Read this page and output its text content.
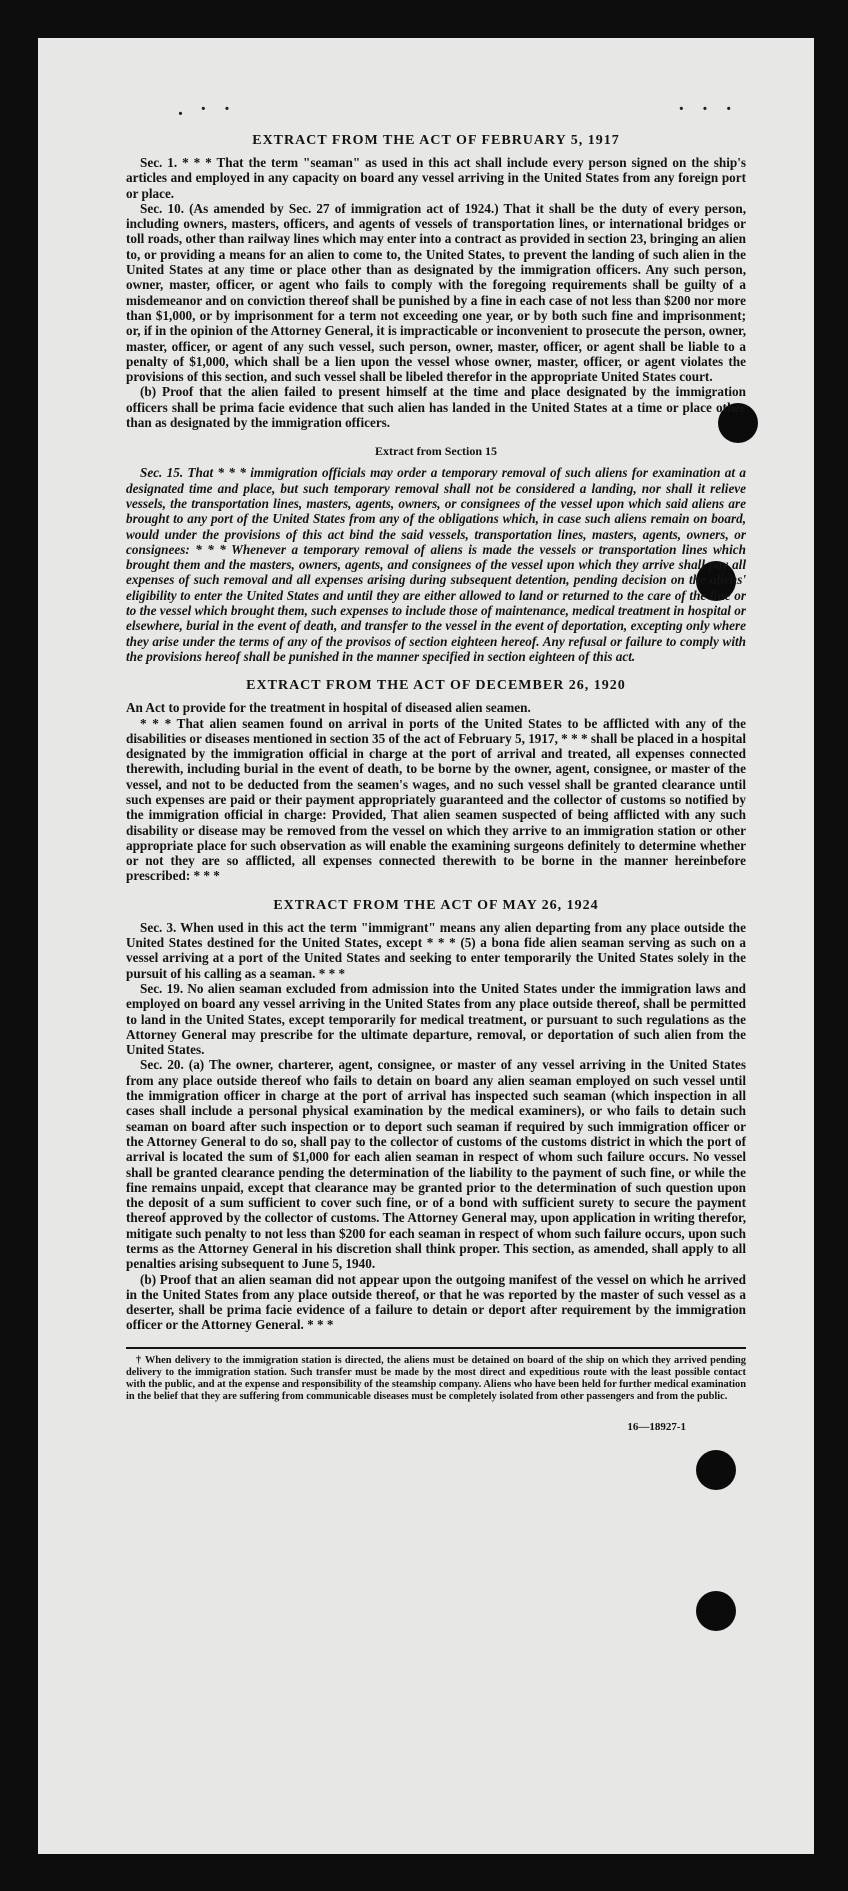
. · ·	· · ·
EXTRACT FROM THE ACT OF FEBRUARY 5, 1917

Sec. 1. * * * That the term "seaman" as used in this act shall include every person signed on the ship's articles and employed in any capacity on board any vessel arriving in the United States from any foreign port or place.

Sec. 10. (As amended by Sec. 27 of immigration act of 1924.) That it shall be the duty of every person, including owners, masters, officers, and agents of vessels of transportation lines, or international bridges or toll roads, other than railway lines which may enter into a contract as provided in section 23, bringing an alien to, or providing a means for an alien to come to, the United States, to prevent the landing of such alien in the United States at any time or place other than as designated by the immigration officers. Any such person, owner, master, officer, or agent who fails to comply with the foregoing requirements shall be guilty of a misdemeanor and on conviction thereof shall be punished by a fine in each case of not less than $200 nor more than $1,000, or by imprisonment for a term not exceeding one year, or by both such fine and imprisonment; or, if in the opinion of the Attorney General, it is impracticable or inconvenient to prosecute the person, owner, master, officer, or agent of any such vessel, such person, owner, master, officer, or agent shall be liable to a penalty of $1,000, which shall be a lien upon the vessel whose owner, master, officer, or agent violates the provisions of this section, and such vessel shall be libeled therefor in the appropriate United States court.

(b) Proof that the alien failed to present himself at the time and place designated by the immigration officers shall be prima facie evidence that such alien has landed in the United States at a time or place other than as designated by the immigration officers.

Extract from Section 15

Sec. 15. That * * * immigration officials may order a temporary removal of such aliens for examination at a designated time and place, but such temporary removal shall not be considered a landing, nor shall it relieve vessels, the transportation lines, masters, agents, owners, or consignees of the vessel upon which said aliens are brought to any port of the United States from any of the obligations which, in case such aliens remain on board, would under the provisions of this act bind the said vessels, transportation lines, masters, agents, owners, or consignees: * * * Whenever a temporary removal of aliens is made the vessels or transportation lines which brought them and the masters, owners, agents, and consignees of the vessel upon which they arrive shall pay all expenses of such removal and all expenses arising during subsequent detention, pending decision on the aliens' eligibility to enter the United States and until they are either allowed to land or returned to the care of the line or to the vessel which brought them, such expenses to include those of maintenance, medical treatment in hospital or elsewhere, burial in the event of death, and transfer to the vessel in the event of deportation, excepting only where they arise under the terms of any of the provisos of section eighteen hereof. Any refusal or failure to comply with the provisions hereof shall be punished in the manner specified in section eighteen of this act.

EXTRACT FROM THE ACT OF DECEMBER 26, 1920

An Act to provide for the treatment in hospital of diseased alien seamen.

* * * That alien seamen found on arrival in ports of the United States to be afflicted with any of the disabilities or diseases mentioned in section 35 of the act of February 5, 1917, * * * shall be placed in a hospital designated by the immigration official in charge at the port of arrival and treated, all expenses connected therewith, including burial in the event of death, to be borne by the owner, agent, consignee, or master of the vessel, and not to be deducted from the seamen's wages, and no such vessel shall be granted clearance until such expenses are paid or their payment appropriately guaranteed and the collector of customs so notified by the immigration official in charge: Provided, That alien seamen suspected of being afflicted with any such disability or disease may be removed from the vessel on which they arrive to an immigration station or other appropriate place for such observation as will enable the examining surgeons definitely to determine whether or not they are so afflicted, all expenses connected therewith to be borne in the manner hereinbefore prescribed: * * *

EXTRACT FROM THE ACT OF MAY 26, 1924

Sec. 3. When used in this act the term "immigrant" means any alien departing from any place outside the United States destined for the United States, except * * * (5) a bona fide alien seaman serving as such on a vessel arriving at a port of the United States and seeking to enter temporarily the United States solely in the pursuit of his calling as a seaman. * * *

Sec. 19. No alien seaman excluded from admission into the United States under the immigration laws and employed on board any vessel arriving in the United States from any place outside thereof, shall be permitted to land in the United States, except temporarily for medical treatment, or pursuant to such regulations as the Attorney General may prescribe for the ultimate departure, removal, or deportation of such alien from the United States.

Sec. 20. (a) The owner, charterer, agent, consignee, or master of any vessel arriving in the United States from any place outside thereof who fails to detain on board any alien seaman employed on such vessel until the immigration officer in charge at the port of arrival has inspected such seaman (which inspection in all cases shall include a personal physical examination by the medical examiners), or who fails to detain such seaman on board after such inspection or to deport such seaman if required by such immigration officer or the Attorney General to do so, shall pay to the collector of customs of the customs district in which the port of arrival is located the sum of $1,000 for each alien seaman in respect of whom such failure occurs. No vessel shall be granted clearance pending the determination of the liability to the payment of such fine, or while the fine remains unpaid, except that clearance may be granted prior to the determination of such question upon the deposit of a sum sufficient to cover such fine, or of a bond with sufficient surety to secure the payment thereof approved by the collector of customs. The Attorney General may, upon application in writing therefor, mitigate such penalty to not less than $200 for each seaman in respect of whom such failure occurs, upon such terms as the Attorney General in his discretion shall think proper. This section, as amended, shall apply to all penalties arising subsequent to June 5, 1940.

(b) Proof that an alien seaman did not appear upon the outgoing manifest of the vessel on which he arrived in the United States from any place outside thereof, or that he was reported by the master of such vessel as a deserter, shall be prima facie evidence of a failure to detain or deport after requirement by the immigration officer or the Attorney General. * * *

† When delivery to the immigration station is directed, the aliens must be detained on board of the ship on which they arrived pending delivery to the immigration station. Such transfer must be made by the most direct and expeditious route with the least possible contact with the public, and at the expense and responsibility of the steamship company. Aliens who have been held for further medical examination in the belief that they are suffering from communicable diseases must be completely isolated from other passengers and from the public.

16—18927-1
